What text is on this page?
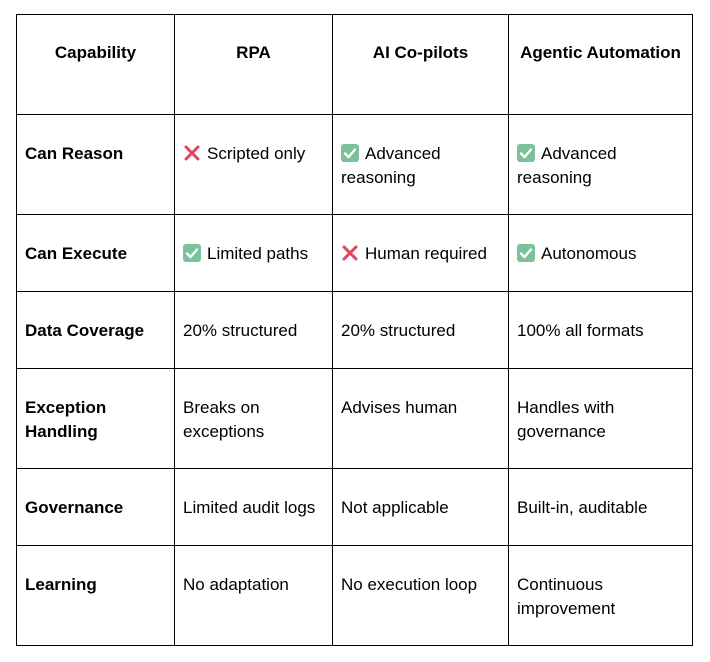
Capability	RPA	AI Co-pilots	Agentic Automation

Can Reason	Scripted only	Advanced reasoning	Advanced reasoning

Can Execute	Limited paths	Human required	Autonomous

Data Coverage	20% structured	20% structured	100% all formats

Exception Handling	Breaks on exceptions	Advises human	Handles with governance

Governance	Limited audit logs	Not applicable	Built-in, auditable

Learning	No adaptation	No execution loop	Continuous improvement
